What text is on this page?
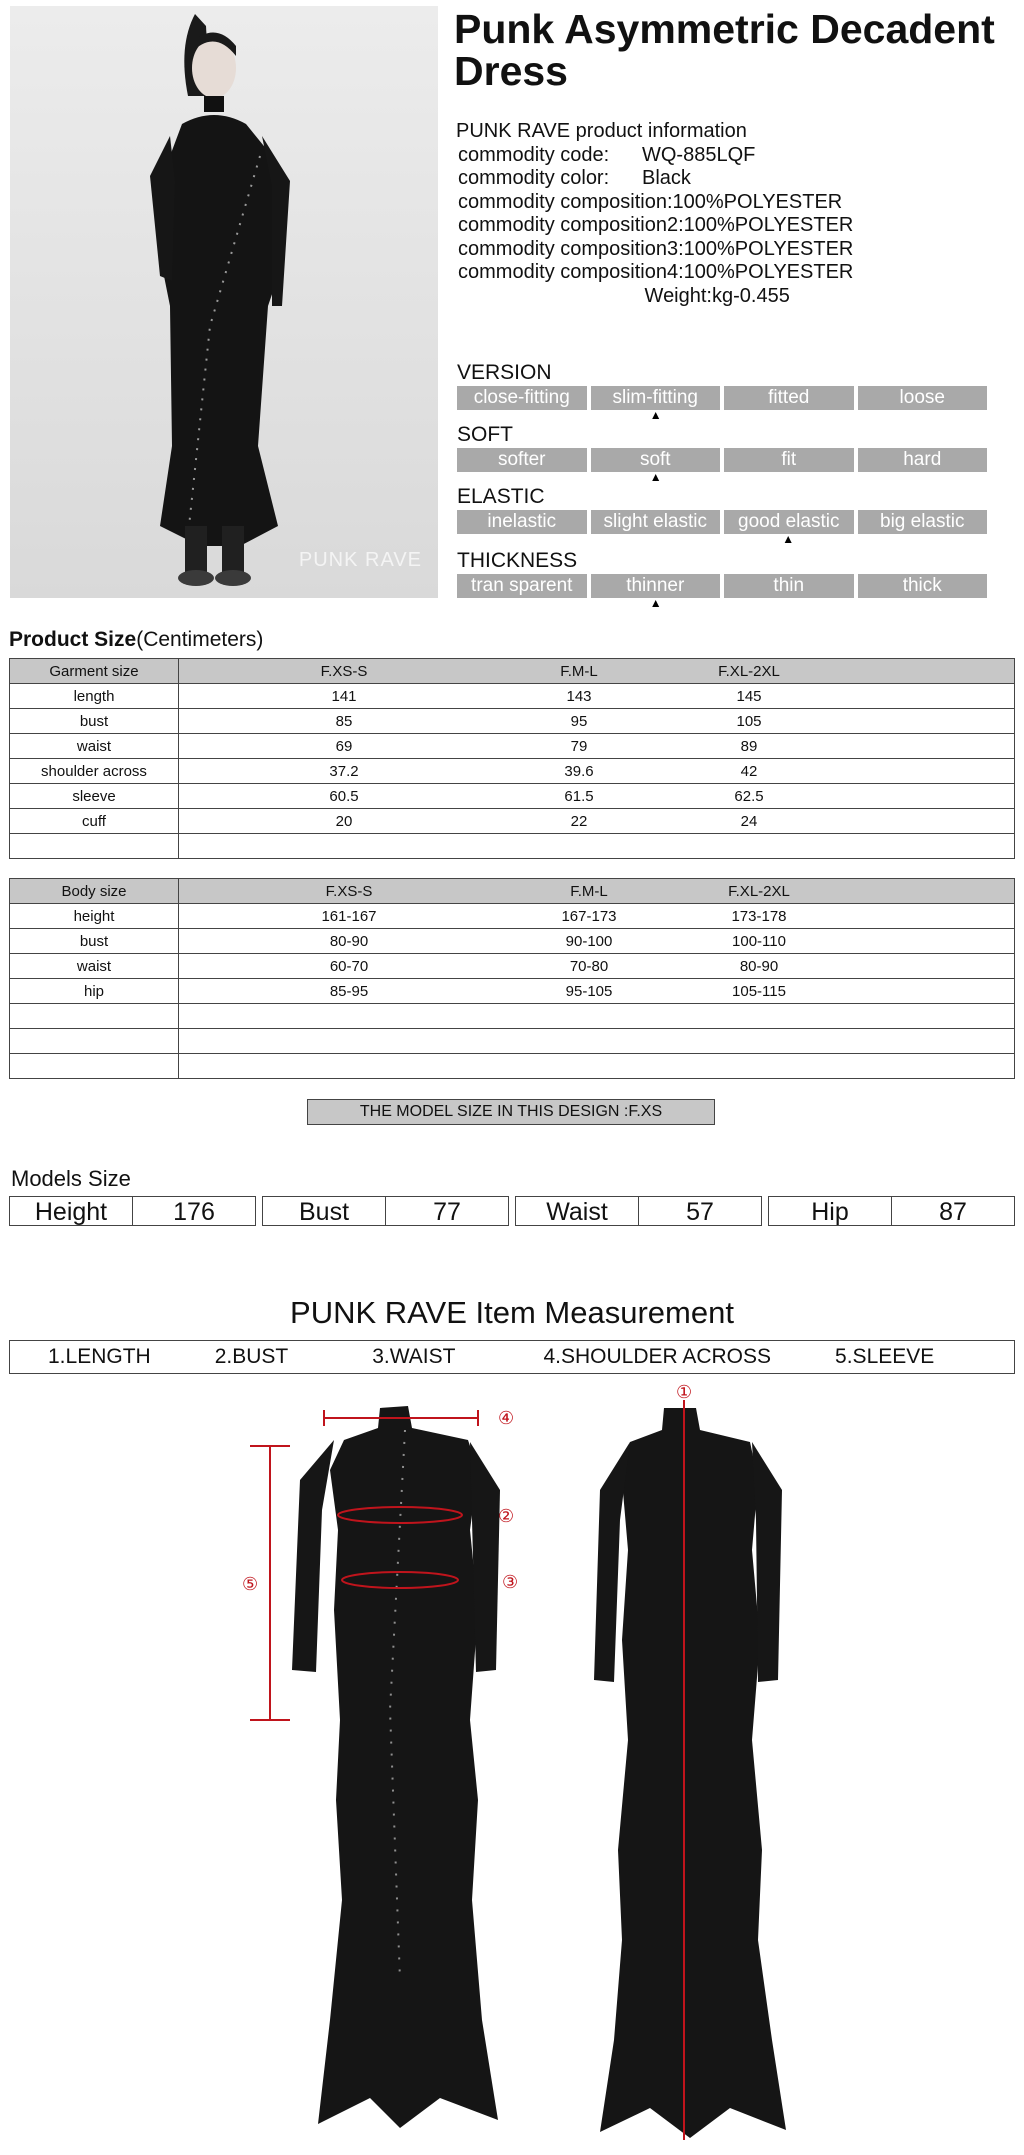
PUNK RAVE
Punk Asymmetric Decadent Dress
PUNK RAVE product information
commodity code:	WQ-885LQF
commodity color:	Black
commodity composition: 100%POLYESTER
commodity composition2: 100%POLYESTER
commodity composition3: 100%POLYESTER
commodity composition4: 100%POLYESTER
Weight: kg-0.455
VERSION
close-fitting	slim-fitting	fitted	loose
▲
SOFT
softer	soft	fit	hard
▲
ELASTIC
inelastic	slight elastic	good elastic	big elastic
▲
THICKNESS
tran sparent	thinner	thin	thick
▲
Product Size(Centimeters)
Garment size	F.XS-S F.M-L F.XL-2XL

length	141 143 145

bust	85 95 105

waist	69 79 89

shoulder across	37.2 39.6 42

sleeve	60.5 61.5 62.5

cuff	20 22 24

Body size	F.XS-S F.M-L F.XL-2XL

height	161-167 167-173 173-178

bust	80-90 90-100 100-110

waist	60-70 70-80 80-90

hip	85-95 95-105 105-115

THE MODEL SIZE IN THIS DESIGN :F.XS
Models Size
Height	176	Bust	77	Waist	57	Hip	87
PUNK RAVE Item Measurement
1.LENGTH	2.BUST	3.WAIST	4.SHOULDER ACROSS	5.SLEEVE
④
②
③
⑤
①
